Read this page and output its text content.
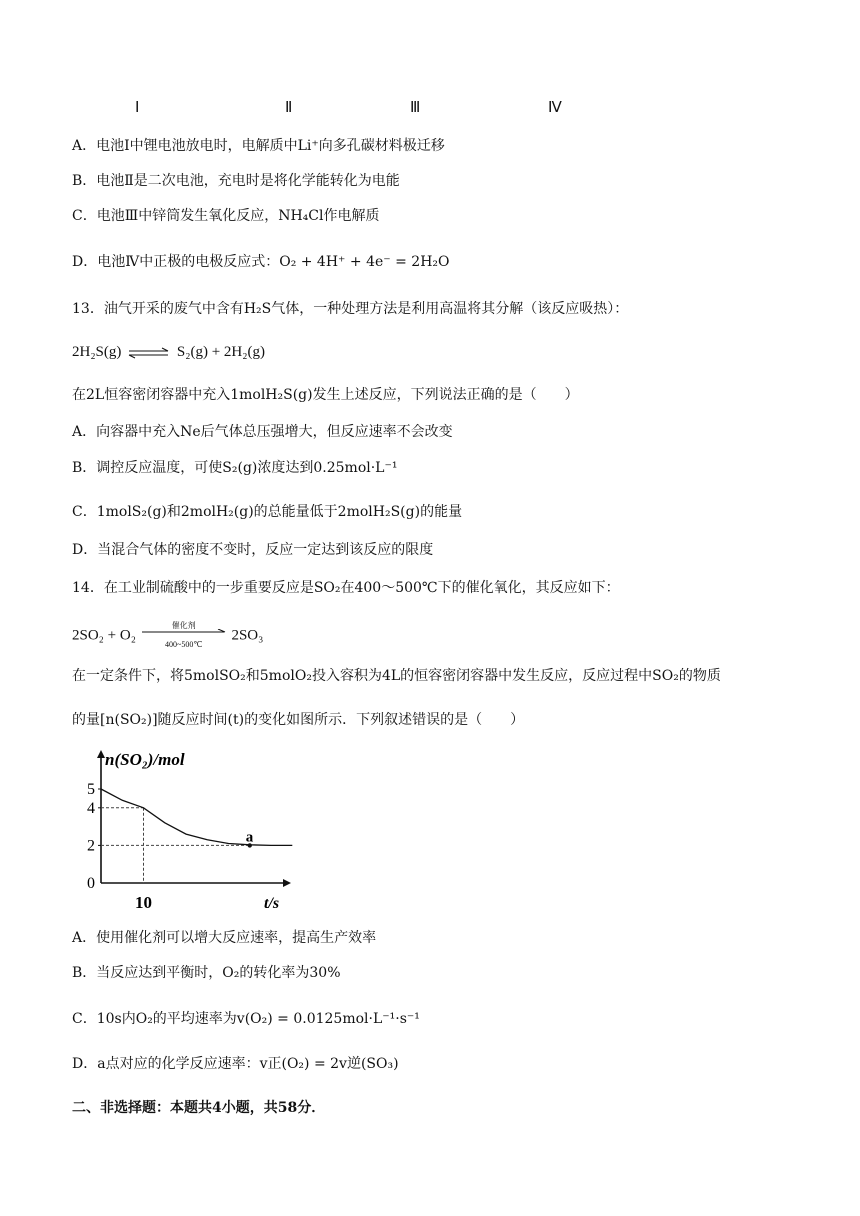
Ⅰ	Ⅱ	Ⅲ	Ⅳ
A．电池Ⅰ中锂电池放电时，电解质中Li⁺向多孔碳材料极迁移
B．电池Ⅱ是二次电池，充电时是将化学能转化为电能
C．电池Ⅲ中锌筒发生氧化反应，NH₄Cl作电解质
D．电池Ⅳ中正极的电极反应式：O₂ + 4H⁺ + 4e⁻ = 2H₂O
13．油气开采的废气中含有H₂S气体，一种处理方法是利用高温将其分解（该反应吸热）：
2H₂S(g) ⇌ S₂(g) + 2H₂(g)
在2L恒容密闭容器中充入1molH₂S(g)发生上述反应，下列说法正确的是（　　）
A．向容器中充入Ne后气体总压强增大，但反应速率不会改变
B．调控反应温度，可使S₂(g)浓度达到0.25mol·L⁻¹
C．1molS₂(g)和2molH₂(g)的总能量低于2molH₂S(g)的能量
D．当混合气体的密度不变时，反应一定达到该反应的限度
14．在工业制硫酸中的一步重要反应是SO₂在400～500℃下的催化氧化，其反应如下：
2SO₂ + O₂
催化剂
400~500℃
2SO₃
在一定条件下，将5molSO₂和5molO₂投入容积为4L的恒容密闭容器中发生反应，反应过程中SO₂的物质
的量[n(SO₂)]随反应时间(t)的变化如图所示．下列叙述错误的是（　　）
n(SO₂)/mol
t/s
5
4
2
0
10
a
A．使用催化剂可以增大反应速率，提高生产效率
B．当反应达到平衡时，O₂的转化率为30%
C．10s内O₂的平均速率为v(O₂) = 0.0125mol·L⁻¹·s⁻¹
D．a点对应的化学反应速率：v正(O₂) = 2v逆(SO₃)
二、非选择题：本题共4小题，共58分．
